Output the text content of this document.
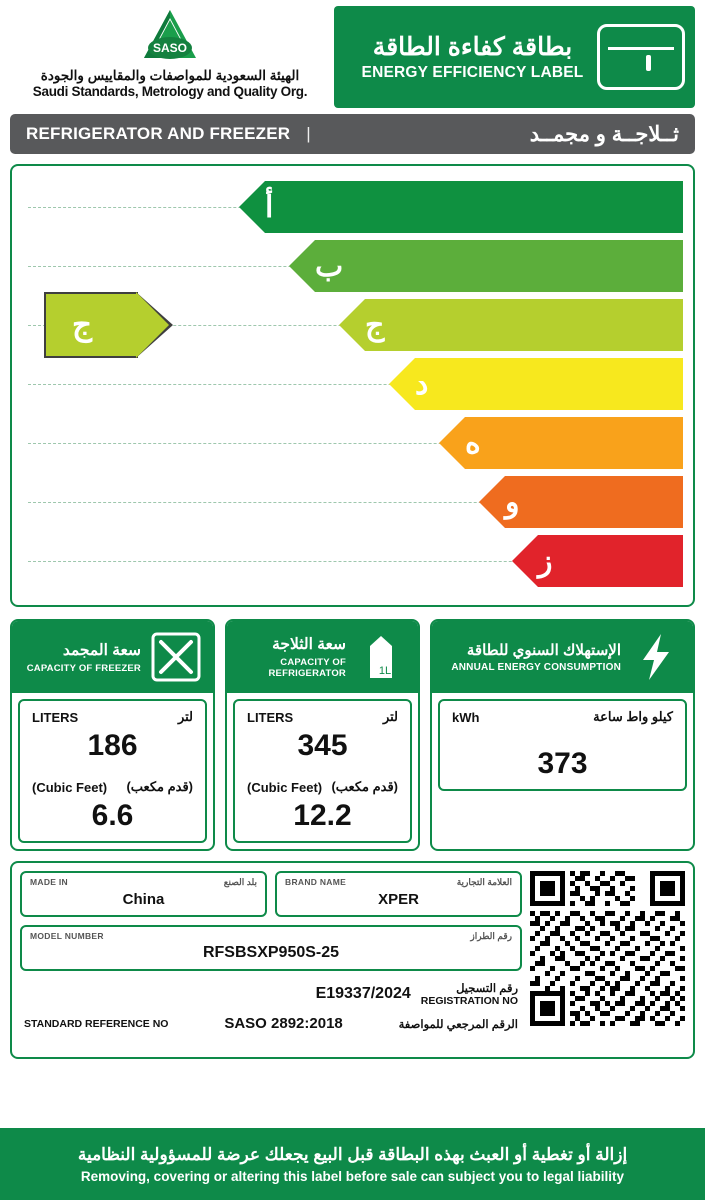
SASO
الهيئة السعودية للمواصفات والمقاييس والجودة
Saudi Standards, Metrology and Quality Org.
بطاقة كفاءة الطاقة
ENERGY EFFICIENCY LABEL
REFRIGERATOR AND FREEZER |	ثــلاجــة و مجمــد
أ
ب
ج	ج
د
ه
و
ز
سعة المجمد
CAPACITY OF FREEZER
LITERS	لتر
186
(Cubic Feet) (قدم مكعب)
6.6
سعة الثلاجة
CAPACITY OF REFRIGERATOR	1L
LITERS	لتر
345
(Cubic Feet) (قدم مكعب)
12.2
الإستهلاك السنوي للطاقة
ANNUAL ENERGY CONSUMPTION
kWh	كيلو واط ساعة
373
MADE IN	بلد الصنع
China
BRAND NAME	العلامة التجارية
XPER
MODEL NUMBER	رقم الطراز
RFSBSXP950S-25
E19337/2024	رقم التسجيل
REGISTRATION NO
STANDARD REFERENCE NO	SASO 2892:2018	الرقم المرجعي للمواصفة
إزالة أو تغطية أو العبث بهذه البطاقة قبل البيع يجعلك عرضة للمسؤولية النظامية
Removing, covering or altering this label before sale can subject you to legal liability
